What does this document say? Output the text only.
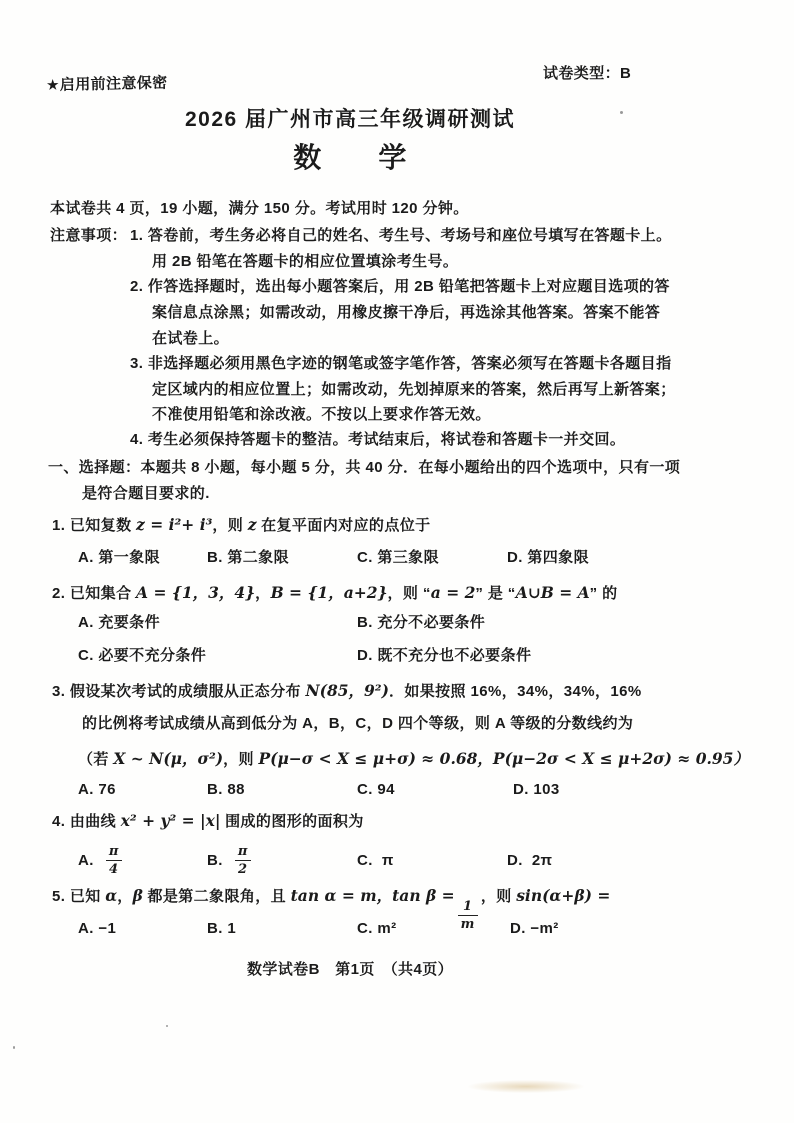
★启用前注意保密
试卷类型：B
2026 届广州市高三年级调研测试
数　　学
本试卷共 4 页，19 小题，满分 150 分。考试用时 120 分钟。
注意事项： 1. 答卷前，考生务必将自己的姓名、考生号、考场号和座位号填写在答题卡上。
用 2B 铅笔在答题卡的相应位置填涂考生号。
2. 作答选择题时，选出每小题答案后，用 2B 铅笔把答题卡上对应题目选项的答
案信息点涂黑；如需改动，用橡皮擦干净后，再选涂其他答案。答案不能答
在试卷上。
3. 非选择题必须用黑色字迹的钢笔或签字笔作答，答案必须写在答题卡各题目指
定区域内的相应位置上；如需改动，先划掉原来的答案，然后再写上新答案；
不准使用铅笔和涂改液。不按以上要求作答无效。
4. 考生必须保持答题卡的整洁。考试结束后，将试卷和答题卡一并交回。
一、选择题：本题共 8 小题，每小题 5 分，共 40 分．在每小题给出的四个选项中，只有一项
是符合题目要求的.
1. 已知复数 z = i²+ i³，则 z 在复平面内对应的点位于
A. 第一象限	B. 第二象限	C. 第三象限	D. 第四象限
2. 已知集合 A = {1，3，4}，B = {1，a+2}，则 “a = 2” 是 “A∪B = A” 的
A. 充要条件	B. 充分不必要条件
C. 必要不充分条件	D. 既不充分也不必要条件
3. 假设某次考试的成绩服从正态分布 N(85，9²)．如果按照 16%，34%，34%，16%
的比例将考试成绩从高到低分为 A，B，C，D 四个等级，则 A 等级的分数线约为
（若 X ~ N(μ，σ²)，则 P(μ−σ < X ≤ μ+σ) ≈ 0.68，P(μ−2σ < X ≤ μ+2σ) ≈ 0.95）
A. 76	B. 88	C. 94	D. 103
4. 由曲线 x² + y² = |x| 围成的图形的面积为
A. $\frac{\pi}{4}$	B. $\frac{\pi}{2}$	C. π	D. 2π
5. 已知 α，β 都是第二象限角，且 tan α = m，tan β =
$\frac{1}{m}$
，则 sin(α+β) =
A. −1	B. 1	C. m²	D. −m²
数学试卷B　第1页　（共4页）
